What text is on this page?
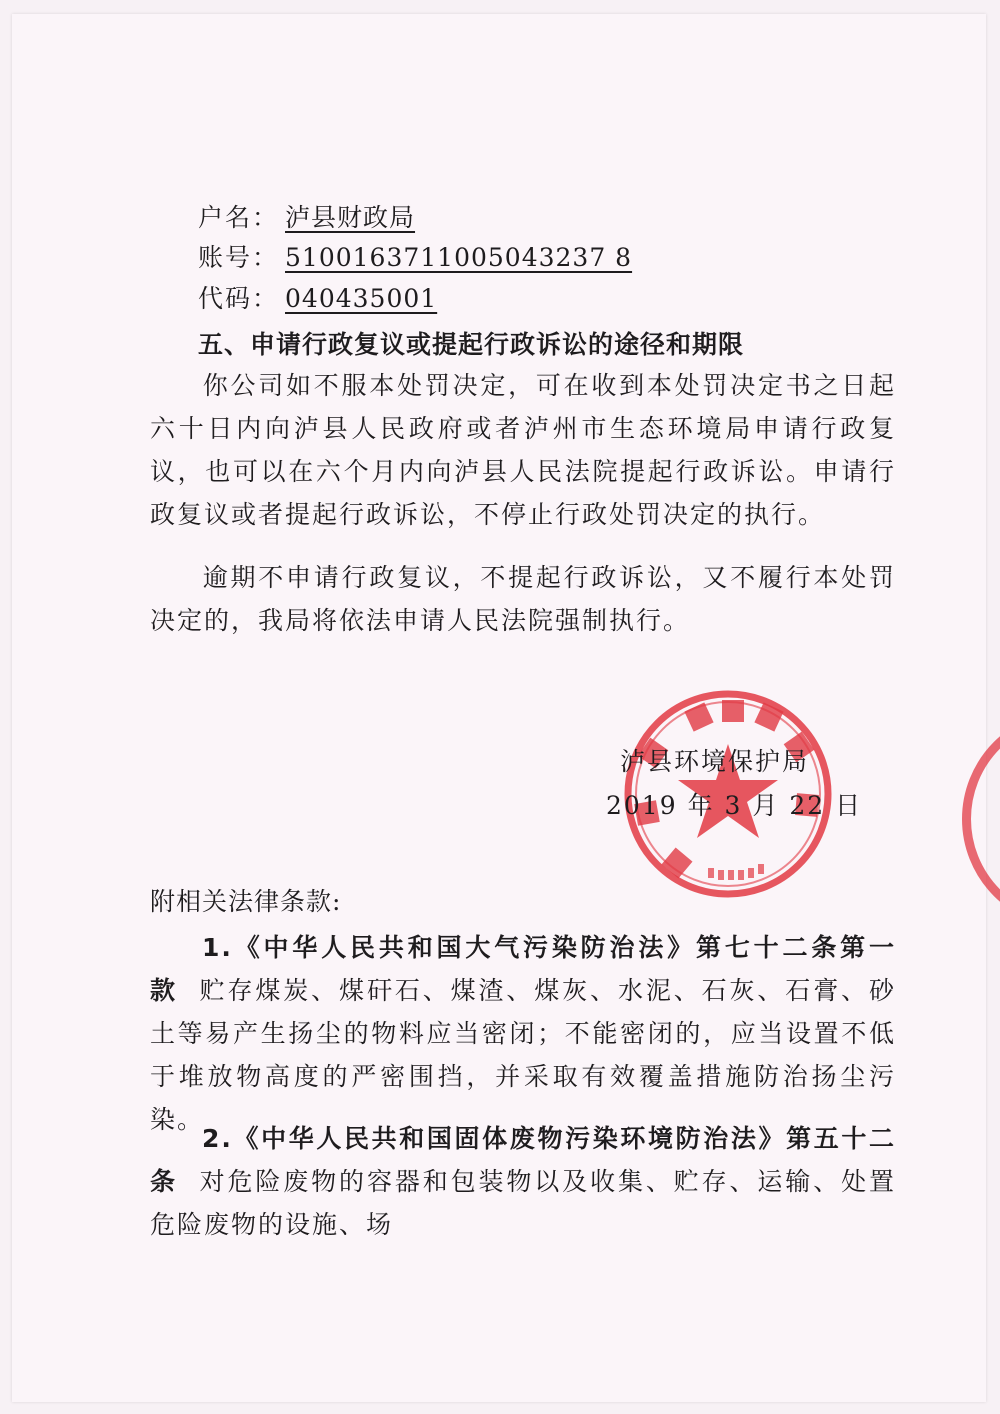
户名： 泸县财政局
账号： 5100163711005043237 8
代码： 040435001
五、申请行政复议或提起行政诉讼的途径和期限
你公司如不服本处罚决定，可在收到本处罚决定书之日起六十日内向泸县人民政府或者泸州市生态环境局申请行政复议，也可以在六个月内向泸县人民法院提起行政诉讼。申请行政复议或者提起行政诉讼，不停止行政处罚决定的执行。
逾期不申请行政复议，不提起行政诉讼，又不履行本处罚决定的，我局将依法申请人民法院强制执行。
泸县环境保护局
2019 年 3 月 22 日
附相关法律条款:
1.《中华人民共和国大气污染防治法》第七十二条第一款 贮存煤炭、煤矸石、煤渣、煤灰、水泥、石灰、石膏、砂土等易产生扬尘的物料应当密闭；不能密闭的，应当设置不低于堆放物高度的严密围挡，并采取有效覆盖措施防治扬尘污染。
2.《中华人民共和国固体废物污染环境防治法》第五十二条 对危险废物的容器和包装物以及收集、贮存、运输、处置危险废物的设施、场
